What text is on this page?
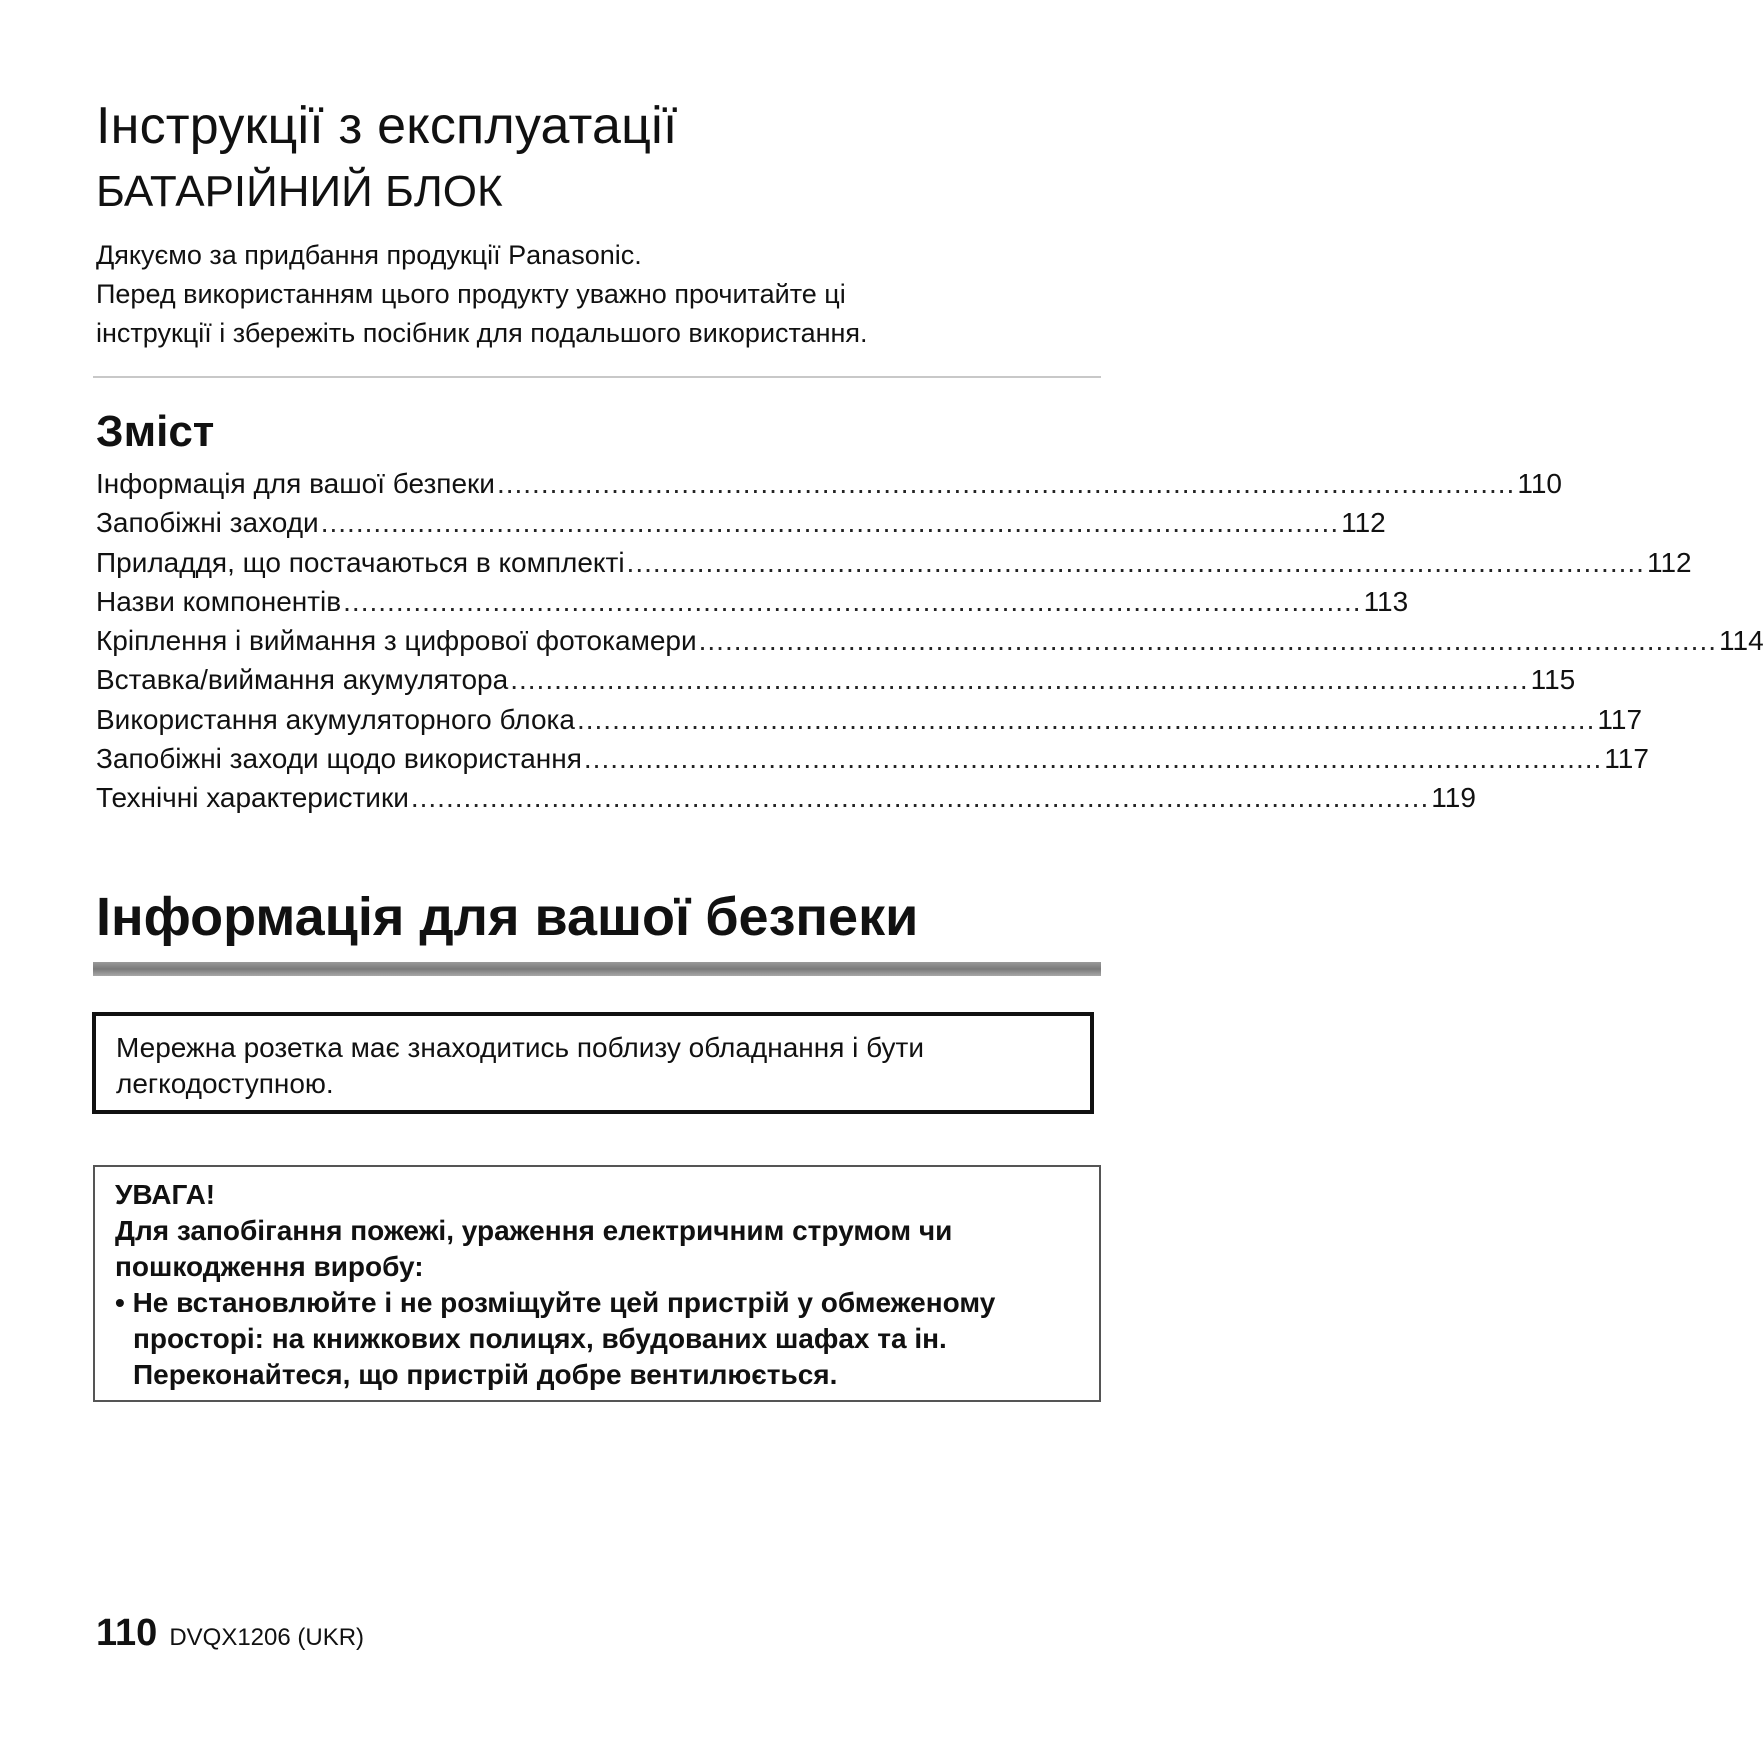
Інструкції з експлуатації
БАТАРІЙНИЙ БЛОК
Дякуємо за придбання продукції Panasonic.
Перед використанням цього продукту уважно прочитайте ці
інструкції і збережіть посібник для подальшого використання.
Зміст
Інформація для вашої безпеки .................................................................................................................... 110
Запобіжні заходи .................................................................................................................... 112
Приладдя, що постачаються в комплекті .................................................................................................................... 112
Назви компонентів .................................................................................................................... 113
Кріплення і виймання з цифрової фотокамери .................................................................................................................... 114
Вставка/виймання акумулятора .................................................................................................................... 115
Використання акумуляторного блока .................................................................................................................... 117
Запобіжні заходи щодо використання .................................................................................................................... 117
Технічні характеристики .................................................................................................................... 119
Інформація для вашої безпеки
Мережна розетка має знаходитись поблизу обладнання і бути
легкодоступною.
УВАГА!
Для запобігання пожежі, ураження електричним струмом чи
пошкодження виробу:
• Не встановлюйте і не розміщуйте цей пристрій у обмеженому
просторі: на книжкових полицях, вбудованих шафах та ін.
Переконайтеся, що пристрій добре вентилюється.
110 DVQX1206 (UKR)
